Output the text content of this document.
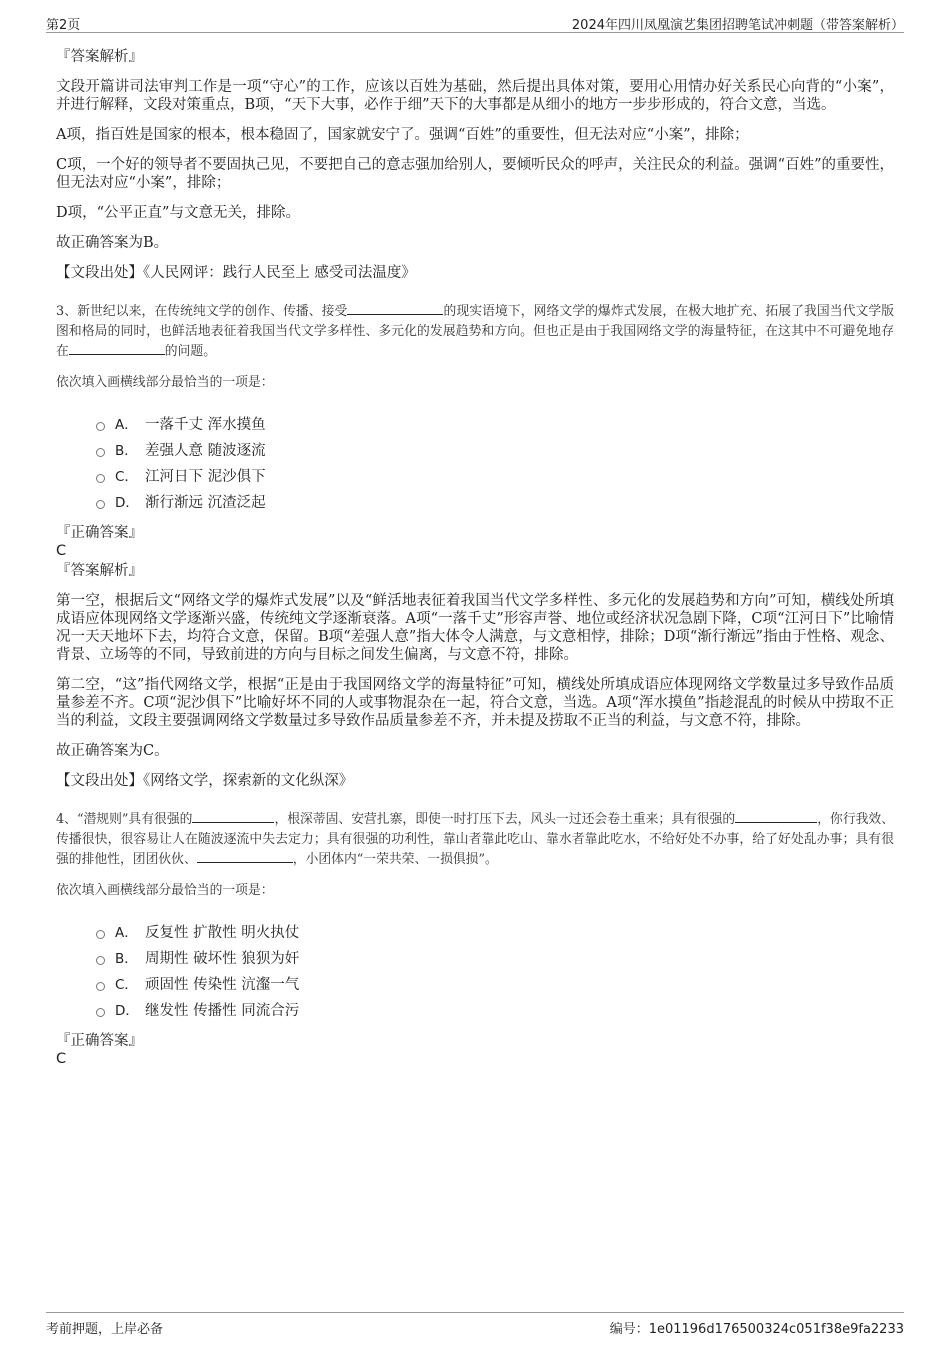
第2页	2024年四川凤凰演艺集团招聘笔试冲刺题（带答案解析）

『答案解析』

文段开篇讲司法审判工作是一项“守心”的工作，应该以百姓为基础，然后提出具体对策，要用心用情办好关系民心向背的“小案”，并进行解释，文段对策重点，B项，“天下大事，必作于细”天下的大事都是从细小的地方一步步形成的，符合文意，当选。

A项，指百姓是国家的根本，根本稳固了，国家就安宁了。强调“百姓”的重要性，但无法对应“小案”，排除；

C项，一个好的领导者不要固执己见，不要把自己的意志强加给别人，要倾听民众的呼声，关注民众的利益。强调“百姓”的重要性，但无法对应“小案”，排除；

D项，“公平正直”与文意无关，排除。

故正确答案为B。

【文段出处】《人民网评：践行人民至上 感受司法温度》

3、新世纪以来，在传统纯文学的创作、传播、接受	的现实语境下，网络文学的爆炸式发展，在极大地扩充、拓展了我国当代文学版图和格局的同时，也鲜活地表征着我国当代文学多样性、多元化的发展趋势和方向。但也正是由于我国网络文学的海量特征，在这其中不可避免地存在	的问题。

依次填入画横线部分最恰当的一项是：

A． 一落千丈 浑水摸鱼
B． 差强人意 随波逐流
C． 江河日下 泥沙俱下
D． 渐行渐远 沉渣泛起

『正确答案』

C

『答案解析』

第一空，根据后文“网络文学的爆炸式发展”以及“鲜活地表征着我国当代文学多样性、多元化的发展趋势和方向”可知，横线处所填成语应体现网络文学逐渐兴盛，传统纯文学逐渐衰落。A项“一落千丈”形容声誉、地位或经济状况急剧下降，C项“江河日下”比喻情况一天天地坏下去，均符合文意，保留。B项“差强人意”指大体令人满意，与文意相悖，排除；D项“渐行渐远”指由于性格、观念、背景、立场等的不同，导致前进的方向与目标之间发生偏离，与文意不符，排除。

第二空，“这”指代网络文学，根据“正是由于我国网络文学的海量特征”可知，横线处所填成语应体现网络文学数量过多导致作品质量参差不齐。C项“泥沙俱下”比喻好坏不同的人或事物混杂在一起，符合文意，当选。A项“浑水摸鱼”指趁混乱的时候从中捞取不正当的利益，文段主要强调网络文学数量过多导致作品质量参差不齐，并未提及捞取不正当的利益，与文意不符，排除。

故正确答案为C。

【文段出处】《网络文学，探索新的文化纵深》

4、“潜规则”具有很强的	，根深蒂固、安营扎寨，即使一时打压下去，风头一过还会卷土重来；具有很强的	，你行我效、传播很快，很容易让人在随波逐流中失去定力；具有很强的功利性，靠山者靠此吃山、靠水者靠此吃水，不给好处不办事，给了好处乱办事；具有很强的排他性，团团伙伙、	，小团体内“一荣共荣、一损俱损”。

依次填入画横线部分最恰当的一项是：

A． 反复性 扩散性 明火执仗
B． 周期性 破坏性 狼狈为奸
C． 顽固性 传染性 沆瀣一气
D． 继发性 传播性 同流合污

『正确答案』

C

考前押题，上岸必备	编号：1e01196d176500324c051f38e9fa2233
